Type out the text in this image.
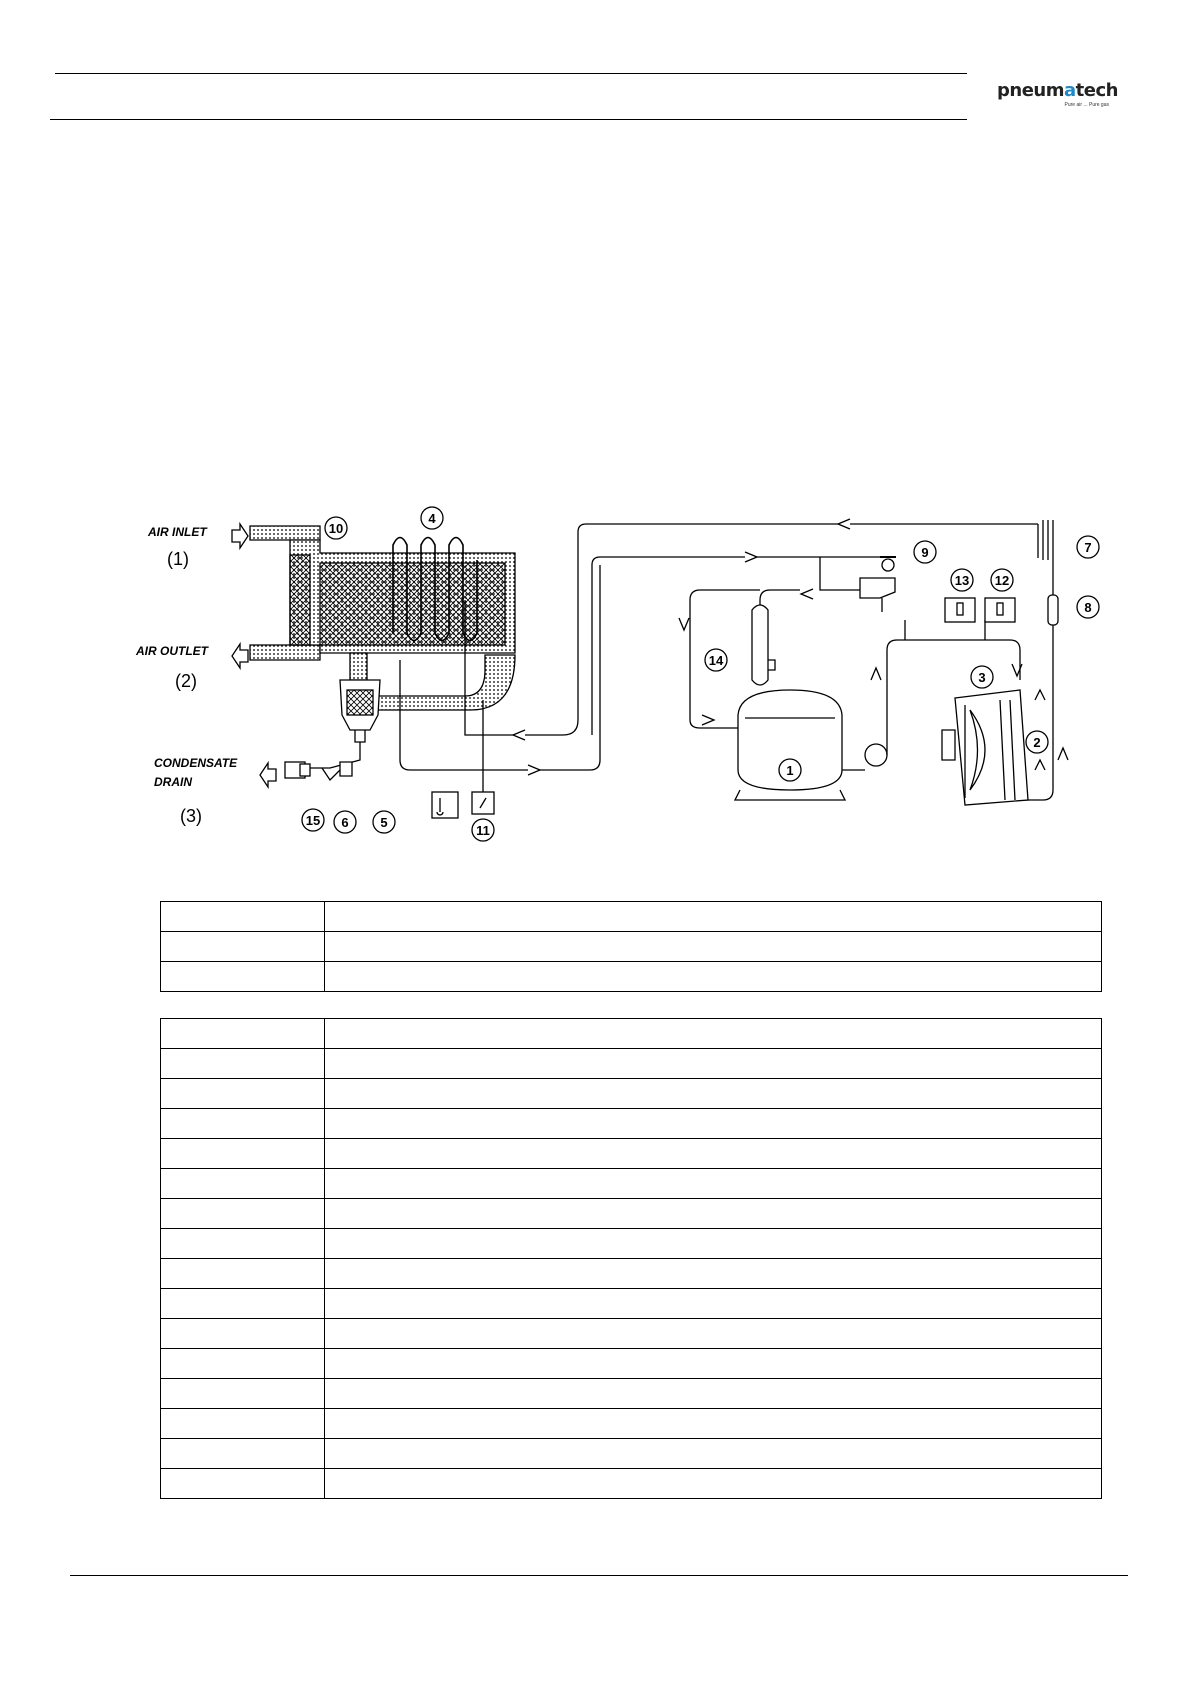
pneumatech
Pure air ... Pure gas
AIR INLET
AIR OUTLET
CONDENSATE
DRAIN
(1)
(2)
(3)
1
2
3
4
5
6
7
8
9
10
11
12
13
14
15
